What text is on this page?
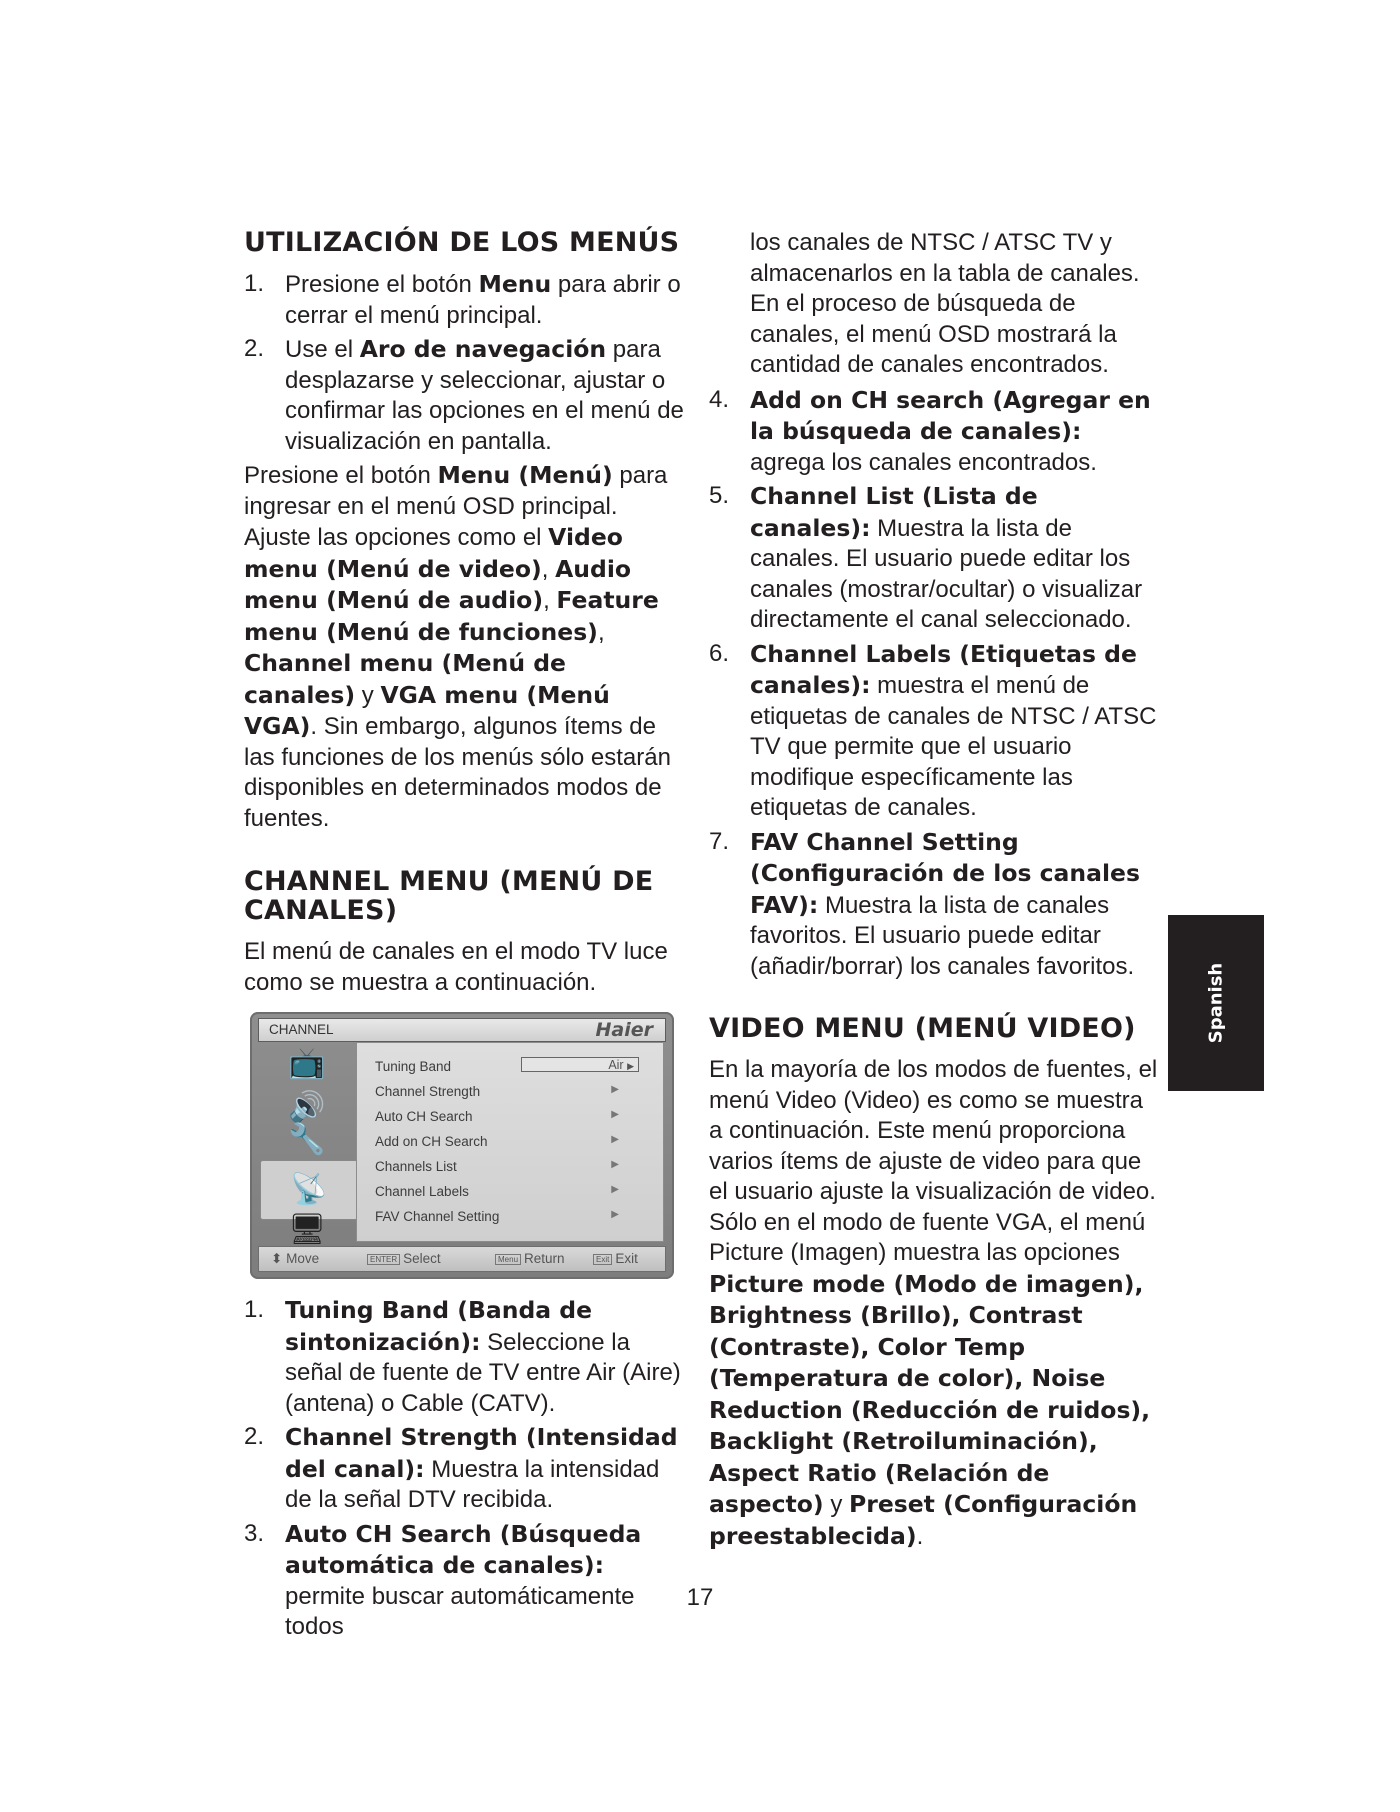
UTILIZACIÓN DE LOS MENÚS
1. Presione el botón Menu para abrir o cerrar el menú principal.
2. Use el Aro de navegación para desplazarse y seleccionar, ajustar o confirmar las opciones en el menú de visualización en pantalla.

Presione el botón Menu (Menú) para ingresar en el menú OSD principal. Ajuste las opciones como el Video menu (Menú de video), Audio menu (Menú de audio), Feature menu (Menú de funciones), Channel menu (Menú de canales) y VGA menu (Menú VGA). Sin embargo, algunos ítems de las funciones de los menús sólo estarán disponibles en determinados modos de fuentes.

CHANNEL MENU (MENÚ DE CANALES)

El menú de canales en el modo TV luce como se muestra a continuación.

CHANNEL	Haier
📺
🔊
🔧
📡
🖥
Tuning Band	Air ▶
Channel Strength	▶
Auto CH Search	▶
Add on CH Search	▶
Channels List	▶
Channel Labels	▶
FAV Channel Setting	▶
⬍ Move	ENTER Select	Menu Return	Exit Exit
1. Tuning Band (Banda de sintonización): Seleccione la señal de fuente de TV entre Air (Aire) (antena) o Cable (CATV).
2. Channel Strength (Intensidad del canal): Muestra la intensidad de la señal DTV recibida.
3. Auto CH Search (Búsqueda automática de canales): permite buscar automáticamente todos
los canales de NTSC / ATSC TV y almacenarlos en la tabla de canales. En el proceso de búsqueda de canales, el menú OSD mostrará la cantidad de canales encontrados.
4. Add on CH search (Agregar en la búsqueda de canales): agrega los canales encontrados.
5. Channel List (Lista de canales): Muestra la lista de canales. El usuario puede editar los canales (mostrar/ocultar) o visualizar directamente el canal seleccionado.
6. Channel Labels (Etiquetas de canales): muestra el menú de etiquetas de canales de NTSC / ATSC TV que permite que el usuario modifique específicamente las etiquetas de canales.
7. FAV Channel Setting (Configuración de los canales FAV): Muestra la lista de canales favoritos. El usuario puede editar (añadir/borrar) los canales favoritos.
VIDEO MENU (MENÚ VIDEO)

En la mayoría de los modos de fuentes, el menú Video (Video) es como se muestra a continuación. Este menú proporciona varios ítems de ajuste de video para que el usuario ajuste la visualización de video.

Sólo en el modo de fuente VGA, el menú Picture (Imagen) muestra las opciones Picture mode (Modo de imagen), Brightness (Brillo), Contrast (Contraste), Color Temp (Temperatura de color), Noise Reduction (Reducción de ruidos), Backlight (Retroiluminación), Aspect Ratio (Relación de aspecto) y Preset (Configuración preestablecida).

17
Spanish
